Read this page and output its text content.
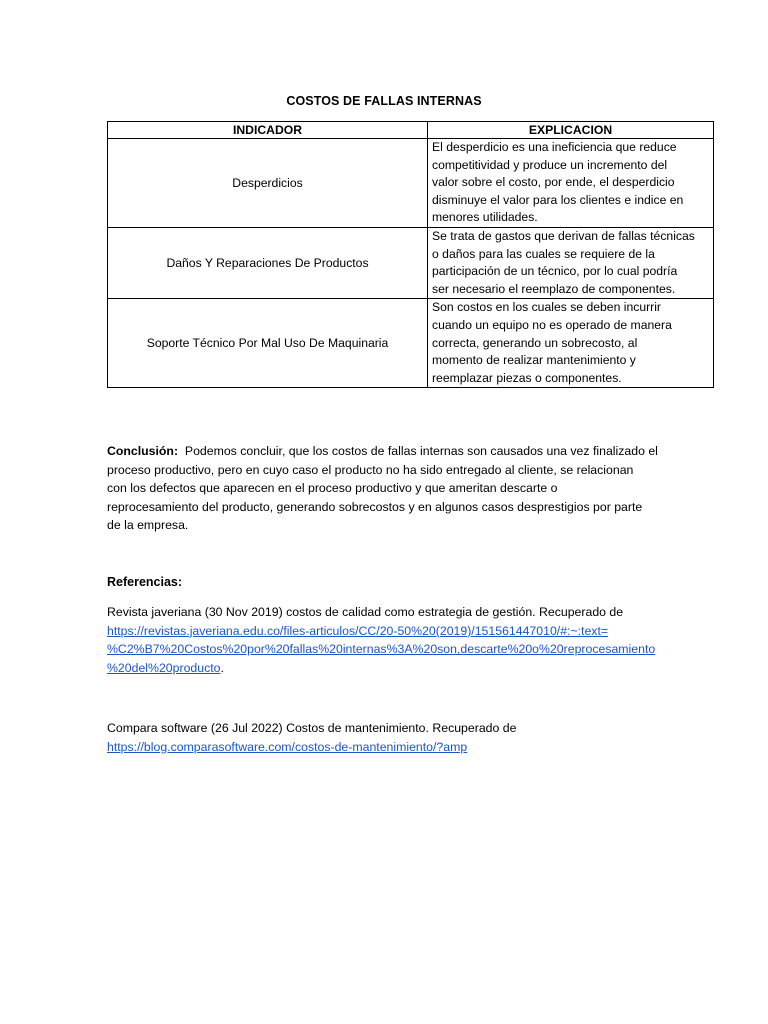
COSTOS DE FALLAS INTERNAS
INDICADOR	EXPLICACION
Desperdicios	El desperdicio es una ineficiencia que reduce
competitividad y produce un incremento del
valor sobre el costo, por ende, el desperdicio
disminuye el valor para los clientes e indice en
menores utilidades.

Daños Y Reparaciones De Productos	Se trata de gastos que derivan de fallas técnicas
o daños para las cuales se requiere de la
participación de un técnico, por lo cual podría
ser necesario el reemplazo de componentes.

Soporte Técnico Por Mal Uso De Maquinaria	Son costos en los cuales se deben incurrir
cuando un equipo no es operado de manera
correcta, generando un sobrecosto, al
momento de realizar mantenimiento y
reemplazar piezas o componentes.
Conclusión:  Podemos concluir, que los costos de fallas internas son causados una vez finalizado el
proceso productivo, pero en cuyo caso el producto no ha sido entregado al cliente, se relacionan
con los defectos que aparecen en el proceso productivo y que ameritan descarte o
reprocesamiento del producto, generando sobrecostos y en algunos casos desprestigios por parte
de la empresa.
Referencias:
Revista javeriana (30 Nov 2019) costos de calidad como estrategia de gestión. Recuperado de
https://revistas.javeriana.edu.co/files-articulos/CC/20-50%20(2019)/151561447010/#:~:text=
%C2%B7%20Costos%20por%20fallas%20internas%3A%20son,descarte%20o%20reprocesamiento
%20del%20producto.
Compara software (26 Jul 2022) Costos de mantenimiento. Recuperado de
https://blog.comparasoftware.com/costos-de-mantenimiento/?amp
